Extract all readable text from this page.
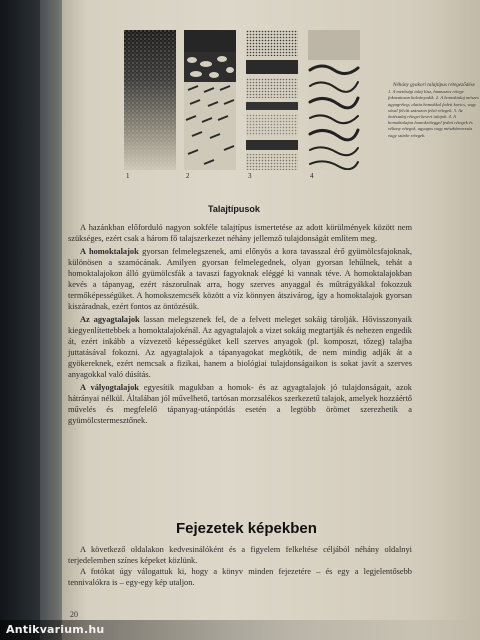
1	2	3	4
Néhány gyakori talajtípus rétegeződése
1. A mezőségi talaj lösz, humuszos rétege fokozatosan halványodik. 2. A homoktalaj mészes agyagréteg; alatta homokkal fedett kavics, vagy sóval felvitt szárazon felső rétegek. 3. Az öntéstalaj rétegei kevert talajok. 4. A homoktalajon homokréteggel fedett rétegek és vékony rétegek, agyagos vagy mészkőmorzsás vagy szürke rétegek.
Talajtípusok

A hazánkban előforduló nagyon sokféle talajtípus ismertetése az adott körülmények között nem szükséges, ezért csak a három fő talajszerkezet néhány jellemző tulajdonságát említem meg.

A homoktalajok gyorsan felmelegszenek, ami előnyös a kora tavasszal érő gyümölcsfajoknak, különösen a szamócának. Amilyen gyorsan felmelegednek, olyan gyorsan lehűlnek, tehát a homoktalajokon álló gyümölcsfák a tavaszi fagyoknak eléggé ki vannak téve. A homoktalajokban kevés a tápanyag, ezért rászorulnak arra, hogy szerves anyaggal és műtrágyákkal fokozzuk termőképességüket. A homokszemcsék között a víz könnyen átszivárog, így a homoktalajok gyorsan kiszáradnak, ezért fontos az öntözésük.

Az agyagtalajok lassan melegszenek fel, de a felvett meleget sokáig tárolják. Hővisszonyaik kiegyenlítettebbek a homoktalajokénál. Az agyagtalajok a vizet sokáig megtartják és nehezen engedik át, ezért inkább a vízvezető képességüket kell szerves anyagok (pl. komposzt, tőzeg) talajba juttatásával fokozni. Az agyagtalajok a tápanyagokat megkötik, de nem mindig adják át a gyökereknek, ezért nemcsak a fizikai, hanem a biológiai tulajdonságaikon is sokat javít a szerves anyagokkal való dúsítás.

A vályogtalajok egyesítik magukban a homok- és az agyagtalajok jó tulajdonságait, azok hátrányai nélkül. Általában jól művelhető, tartósan morzsalékos szerkezetű talajok, amelyek hozzáértő művelés és megfelelő tápanyag-utánpótlás esetén a legtöbb örömet szerezhetik a gyümölcstermesztőnek.

Fejezetek képekben

A következő oldalakon kedvesinálóként és a figyelem felkeltése céljából néhány oldalnyi terjedelemben színes képeket közlünk.

A fotókat úgy válogattuk ki, hogy a könyv minden fejezetére – és egy a legjelentősebb tennivalókra is – egy-egy kép utaljon.

20
Antikvarium.hu
